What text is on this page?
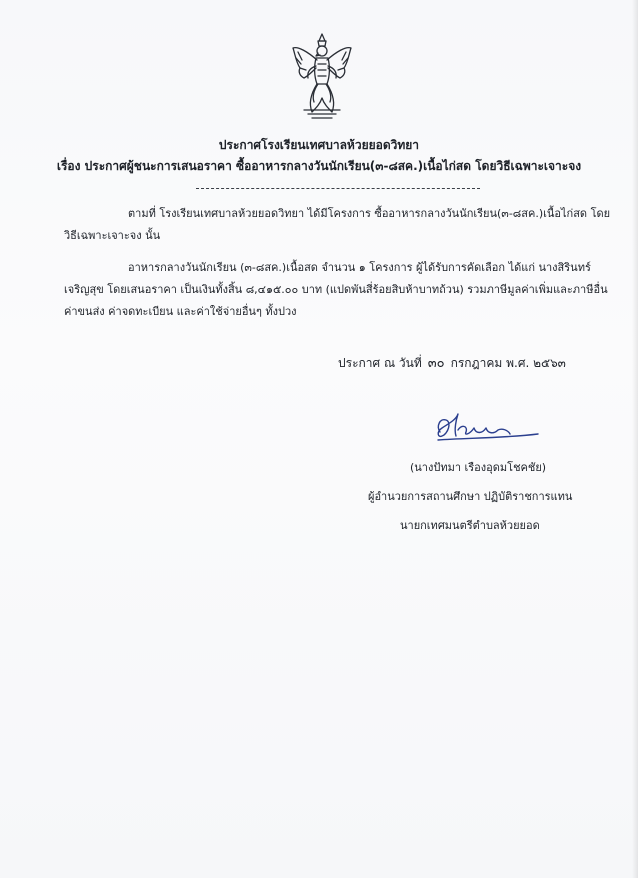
ประกาศโรงเรียนเทศบาลห้วยยอดวิทยา
เรื่อง ประกาศผู้ชนะการเสนอราคา ซื้ออาหารกลางวันนักเรียน(๓-๘สค.)เนื้อไก่สด โดยวิธีเฉพาะเจาะจง
ตามที่ โรงเรียนเทศบาลห้วยยอดวิทยา ได้มีโครงการ ซื้ออาหารกลางวันนักเรียน(๓-๘สค.)เนื้อไก่สด โดย
วิธีเฉพาะเจาะจง นั้น
อาหารกลางวันนักเรียน (๓-๘สค.)เนื้อสด จำนวน ๑ โครงการ ผู้ได้รับการคัดเลือก ได้แก่ นางสิรินทร์
เจริญสุข โดยเสนอราคา เป็นเงินทั้งสิ้น ๘,๔๑๕.๐๐ บาท (แปดพันสี่ร้อยสิบห้าบาทถ้วน) รวมภาษีมูลค่าเพิ่มและภาษีอื่น
ค่าขนส่ง ค่าจดทะเบียน และค่าใช้จ่ายอื่นๆ ทั้งปวง
ประกาศ ณ วันที่ ๓๐ กรกฎาคม พ.ศ. ๒๕๖๓
(นางปัทมา เรืองอุดมโชคชัย)
ผู้อำนวยการสถานศึกษา ปฏิบัติราชการแทน
นายกเทศมนตรีตำบลห้วยยอด
